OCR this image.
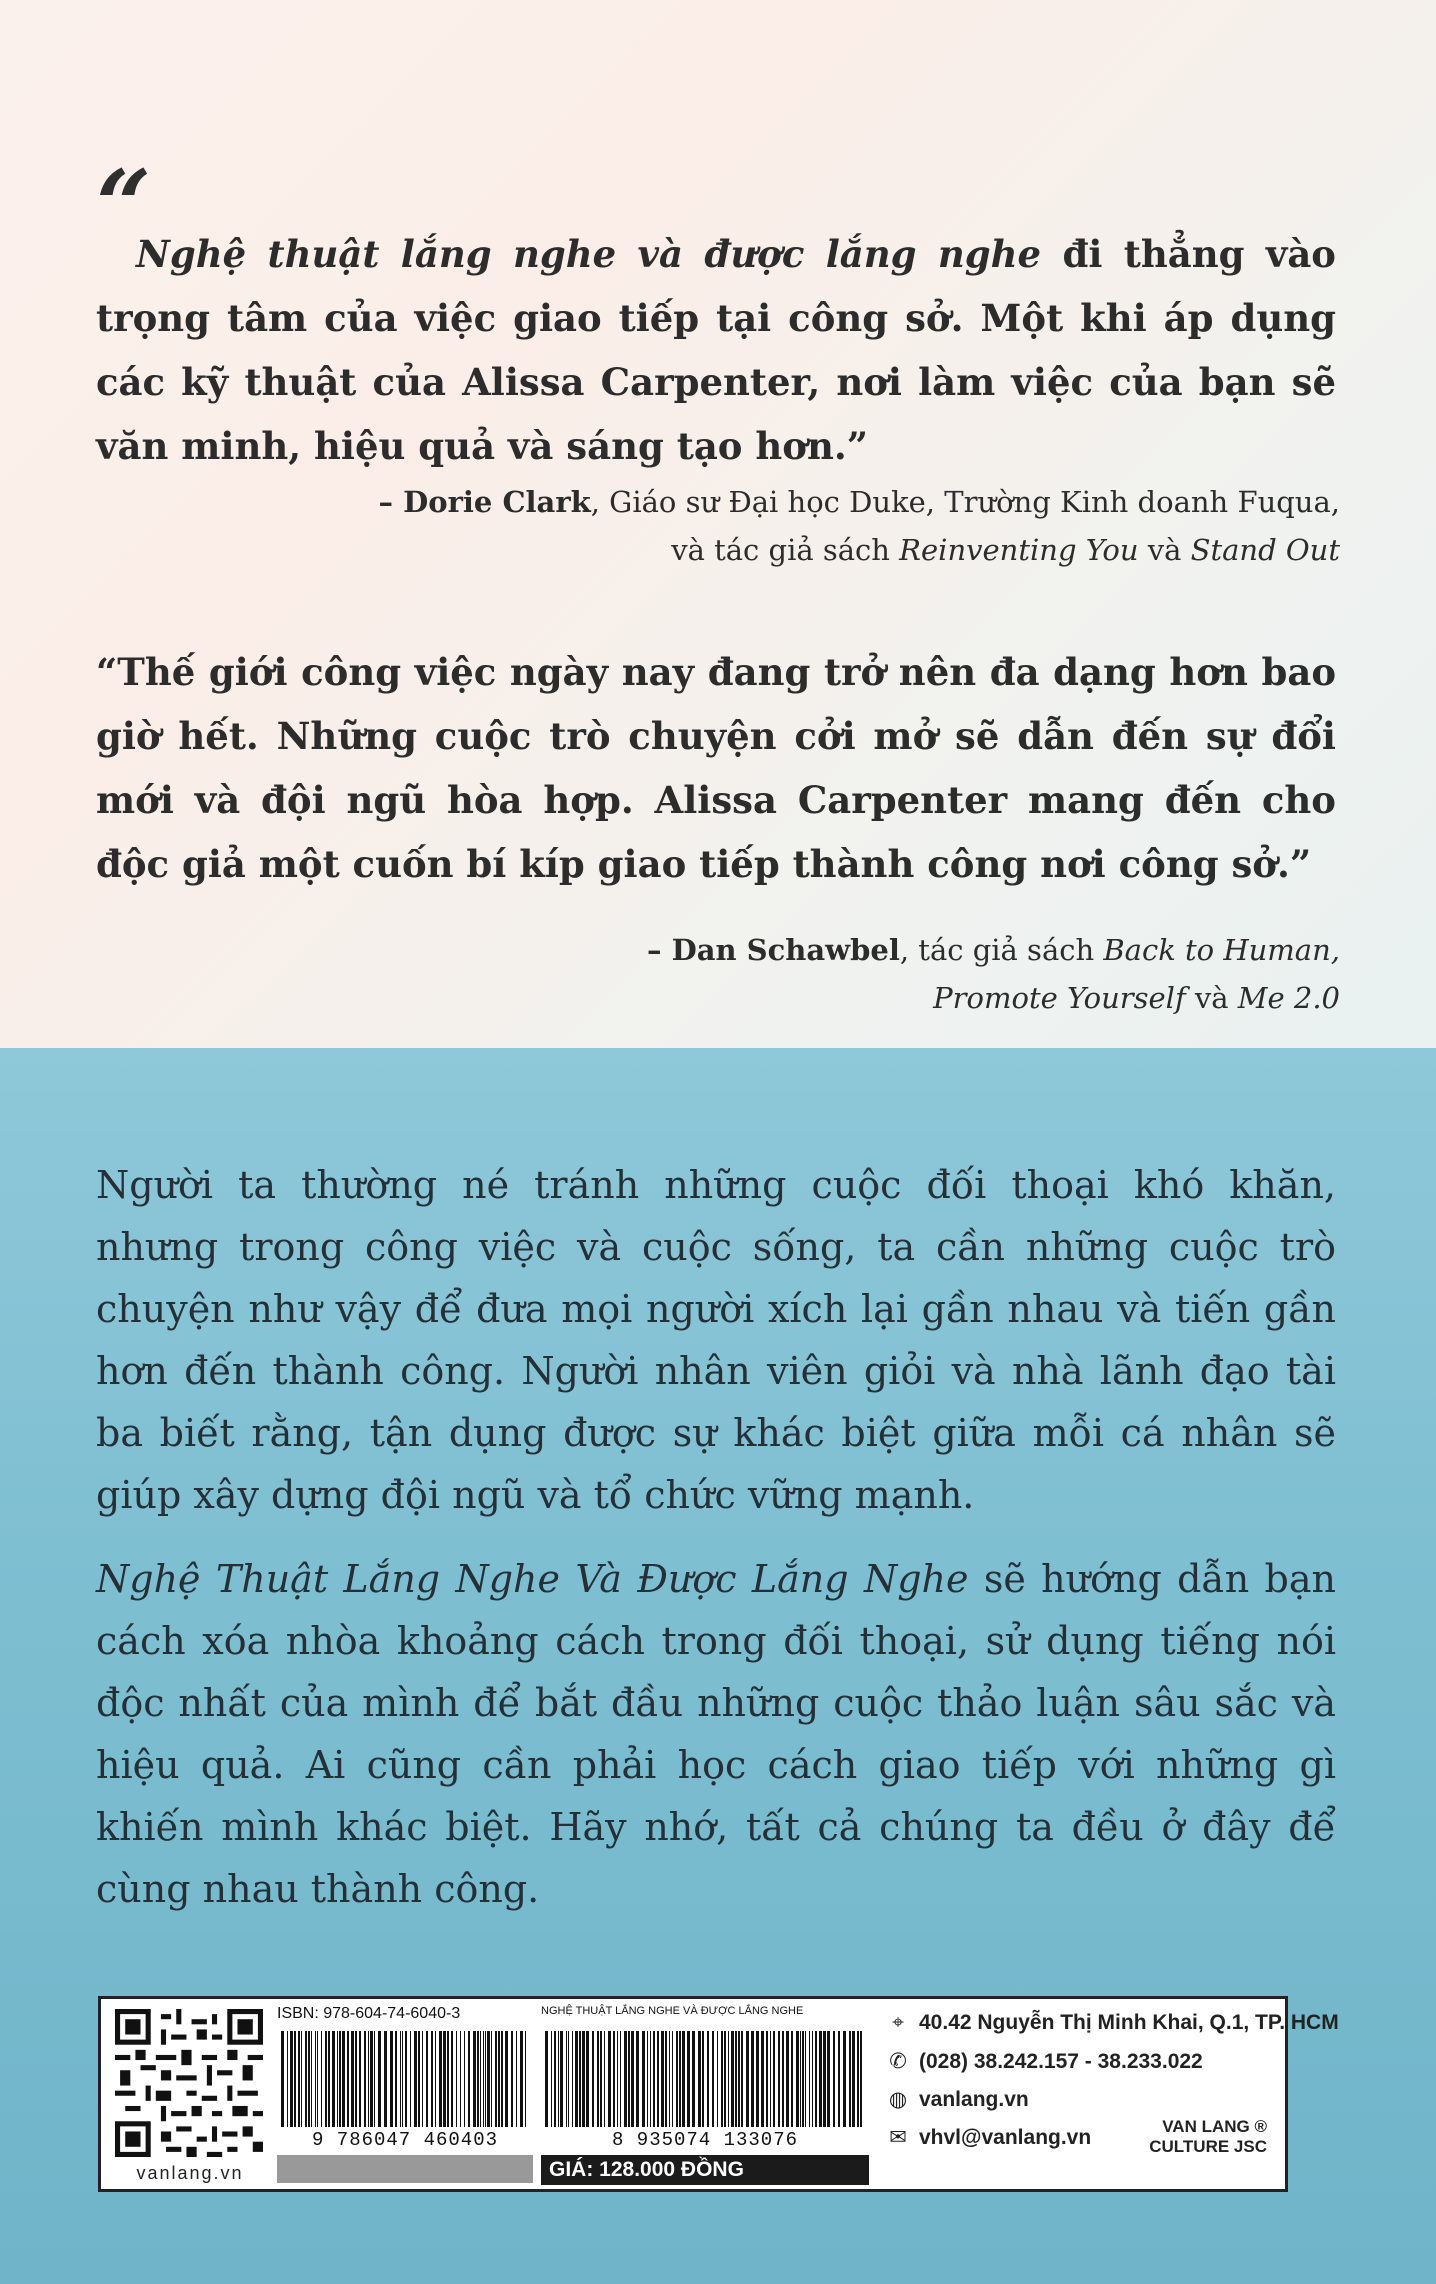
“

Nghệ thuật lắng nghe và được lắng nghe đi thẳng vào trọng tâm của việc giao tiếp tại công sở. Một khi áp dụng các kỹ thuật của Alissa Carpenter, nơi làm việc của bạn sẽ văn minh, hiệu quả và sáng tạo hơn.”

– Dorie Clark, Giáo sư Đại học Duke, Trường Kinh doanh Fuqua,
và tác giả sách Reinventing You và Stand Out

“Thế giới công việc ngày nay đang trở nên đa dạng hơn bao giờ hết. Những cuộc trò chuyện cởi mở sẽ dẫn đến sự đổi mới và đội ngũ hòa hợp. Alissa Carpenter mang đến cho độc giả một cuốn bí kíp giao tiếp thành công nơi công sở.”

– Dan Schawbel, tác giả sách Back to Human,
Promote Yourself và Me 2.0

Người ta thường né tránh những cuộc đối thoại khó khăn, nhưng trong công việc và cuộc sống, ta cần những cuộc trò chuyện như vậy để đưa mọi người xích lại gần nhau và tiến gần hơn đến thành công. Người nhân viên giỏi và nhà lãnh đạo tài ba biết rằng, tận dụng được sự khác biệt giữa mỗi cá nhân sẽ giúp xây dựng đội ngũ và tổ chức vững mạnh.

Nghệ Thuật Lắng Nghe Và Được Lắng Nghe sẽ hướng dẫn bạn cách xóa nhòa khoảng cách trong đối thoại, sử dụng tiếng nói độc nhất của mình để bắt đầu những cuộc thảo luận sâu sắc và hiệu quả. Ai cũng cần phải học cách giao tiếp với những gì khiến mình khác biệt. Hãy nhớ, tất cả chúng ta đều ở đây để cùng nhau thành công.

vanlang.vn
ISBN: 978-604-74-6040-3
9 786047 460403
NGHỆ THUẬT LẮNG NGHE VÀ ĐƯỢC LẮNG NGHE
8 935074 133076
GIÁ: 128.000 ĐỒNG
⌖ 40.42 Nguyễn Thị Minh Khai, Q.1, TP. HCM
✆ (028) 38.242.157 - 38.233.022
◍ vanlang.vn
✉ vhvl@vanlang.vn	VAN LANG ®
CULTURE JSC
